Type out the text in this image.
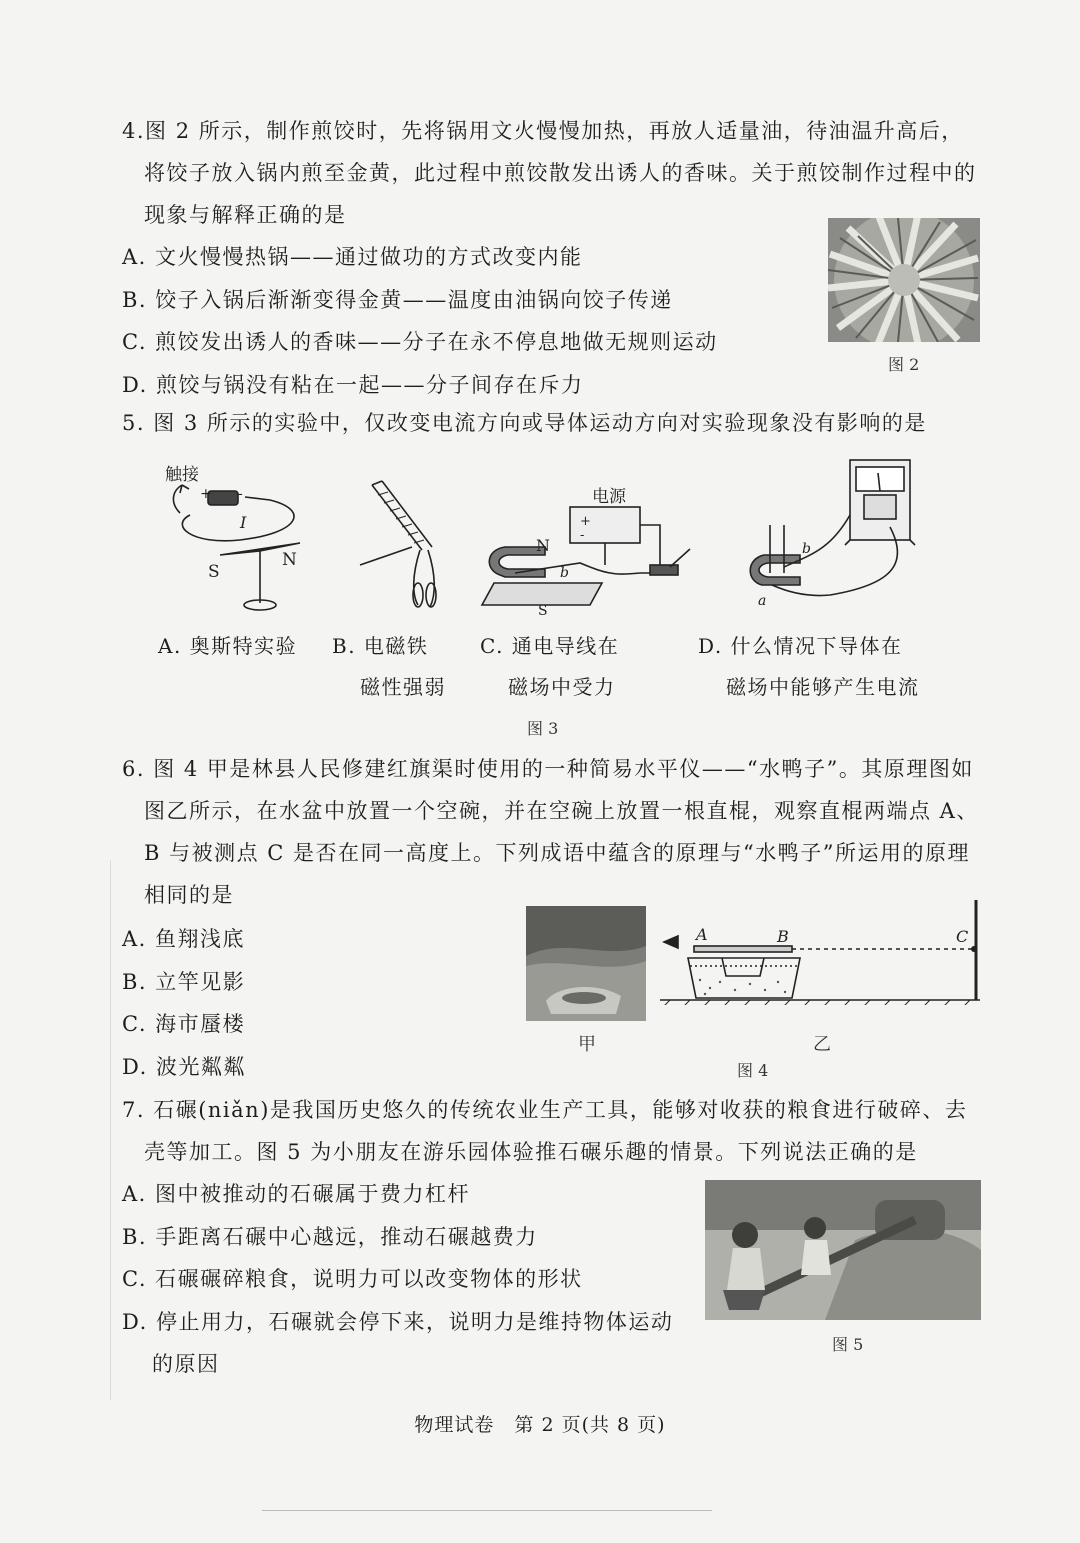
4.图 2 所示，制作煎饺时，先将锅用文火慢慢加热，再放人适量油，待油温升高后，将饺子放入锅内煎至金黄，此过程中煎饺散发出诱人的香味。关于煎饺制作过程中的现象与解释正确的是
A. 文火慢慢热锅——通过做功的方式改变内能
B. 饺子入锅后渐渐变得金黄——温度由油锅向饺子传递
C. 煎饺发出诱人的香味——分子在永不停息地做无规则运动
D. 煎饺与锅没有粘在一起——分子间存在斥力
图 2
5. 图 3 所示的实验中，仅改变电流方向或导体运动方向对实验现象没有影响的是
触接
+ -
I
S
N
电源
+
-
N
S
b
a
b
A. 奥斯特实验 B. 电磁铁
磁性强弱
C. 通电导线在
磁场中受力
D. 什么情况下导体在
磁场中能够产生电流
图 3
6. 图 4 甲是林县人民修建红旗渠时使用的一种简易水平仪——“水鸭子”。其原理图如图乙所示，在水盆中放置一个空碗，并在空碗上放置一根直棍，观察直棍两端点 A、B 与被测点 C 是否在同一高度上。下列成语中蕴含的原理与“水鸭子”所运用的原理相同的是
A. 鱼翔浅底
B. 立竿见影
C. 海市蜃楼
D. 波光粼粼
A	B	C
甲	乙
图 4
7. 石碾(niǎn)是我国历史悠久的传统农业生产工具，能够对收获的粮食进行破碎、去壳等加工。图 5 为小朋友在游乐园体验推石碾乐趣的情景。下列说法正确的是
A. 图中被推动的石碾属于费力杠杆
B. 手距离石碾中心越远，推动石碾越费力
C. 石碾碾碎粮食，说明力可以改变物体的形状
D. 停止用力，石碾就会停下来，说明力是维持物体运动
的原因
图 5
物理试卷　第 2 页(共 8 页)
